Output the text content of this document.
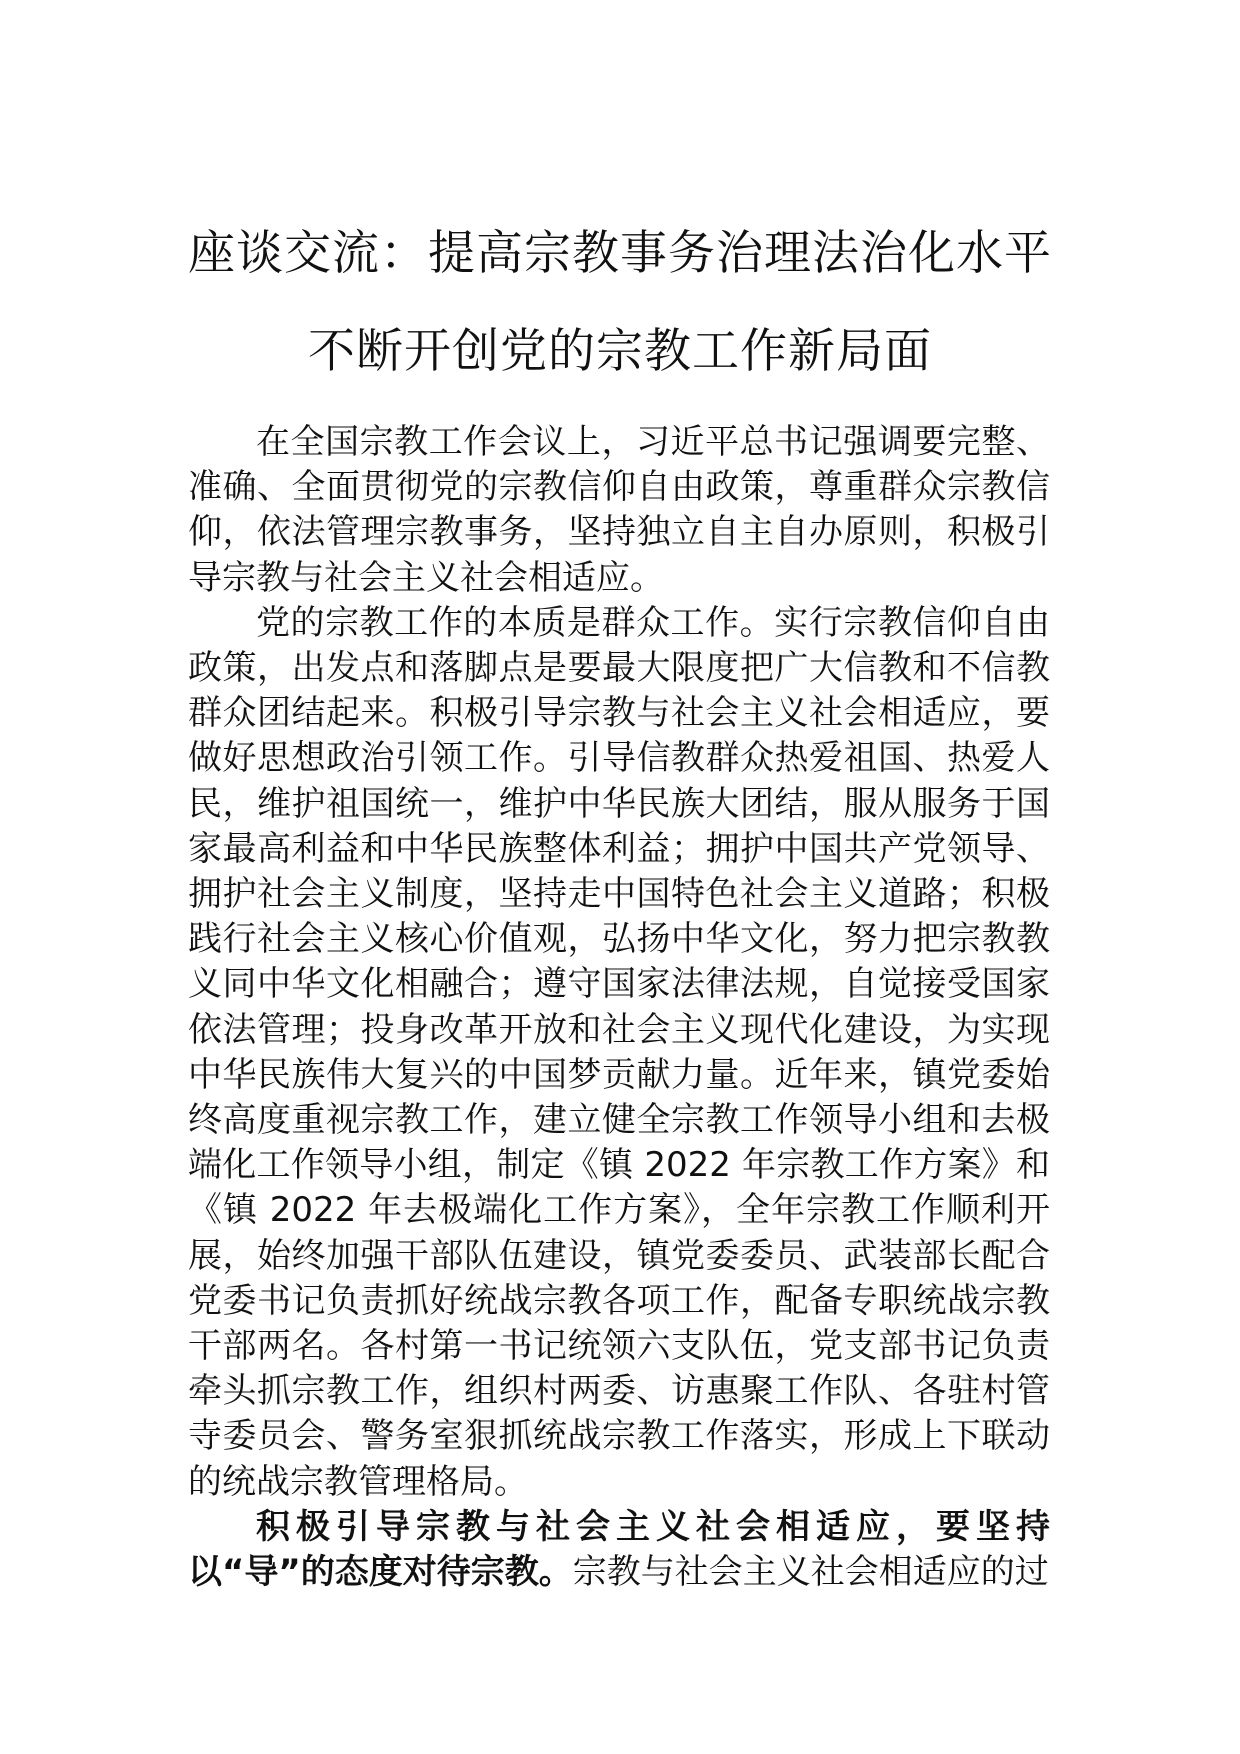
座谈交流：提高宗教事务治理法治化水平
不断开创党的宗教工作新局面

在全国宗教工作会议上，习近平总书记强调要完整、准确、全面贯彻党的宗教信仰自由政策，尊重群众宗教信仰，依法管理宗教事务，坚持独立自主自办原则，积极引导宗教与社会主义社会相适应。

党的宗教工作的本质是群众工作。实行宗教信仰自由政策，出发点和落脚点是要最大限度把广大信教和不信教群众团结起来。积极引导宗教与社会主义社会相适应，要做好思想政治引领工作。引导信教群众热爱祖国、热爱人民，维护祖国统一，维护中华民族大团结，服从服务于国家最高利益和中华民族整体利益；拥护中国共产党领导、拥护社会主义制度，坚持走中国特色社会主义道路；积极践行社会主义核心价值观，弘扬中华文化，努力把宗教教义同中华文化相融合；遵守国家法律法规，自觉接受国家依法管理；投身改革开放和社会主义现代化建设，为实现中华民族伟大复兴的中国梦贡献力量。近年来，镇党委始终高度重视宗教工作，建立健全宗教工作领导小组和去极端化工作领导小组，制定《镇 2022 年宗教工作方案》和《镇 2022 年去极端化工作方案》，全年宗教工作顺利开展，始终加强干部队伍建设，镇党委委员、武装部长配合党委书记负责抓好统战宗教各项工作，配备专职统战宗教干部两名。各村第一书记统领六支队伍，党支部书记负责牵头抓宗教工作，组织村两委、访惠聚工作队、各驻村管寺委员会、警务室狠抓统战宗教工作落实，形成上下联动的统战宗教管理格局。

积极引导宗教与社会主义社会相适应，要坚持以“导”的态度对待宗教。宗教与社会主义社会相适应的过
